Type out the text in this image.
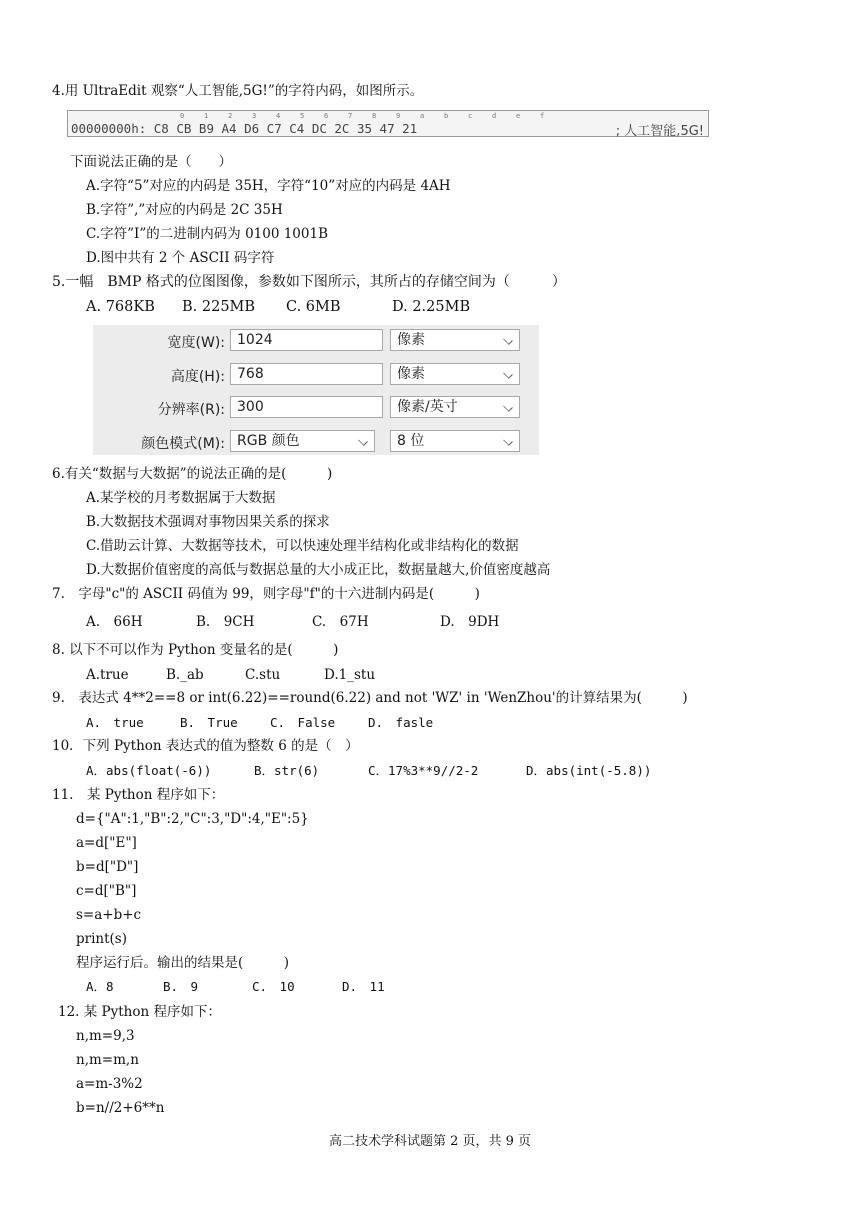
4.用 UltraEdit 观察“人工智能,5G!”的字符内码，如图所示。
0	1	2	3	4	5	6	7	8	9	a	b	c	d	e	f
00000000h: C8 CB B9 A4 D6 C7 C4 DC 2C 35 47 21	; 人工智能,5G!
下面说法正确的是（　　）
A.字符“5”对应的内码是 35H，字符“10”对应的内码是 4AH
B.字符”,”对应的内码是 2C 35H
C.字符”I”的二进制内码为 0100 1001B
D.图中共有 2 个 ASCII 码字符
5.一幅　BMP 格式的位图图像，参数如下图所示，其所占的存储空间为（　　　）
A. 768KB B. 225MB C. 6MB	D. 2.25MB
宽度(W): 1024	像素
高度(H): 768	像素
分辨率(R): 300	像素/英寸
颜色模式(M): RGB 颜色	8 位
6.有关“数据与大数据”的说法正确的是(　　　)
A.某学校的月考数据属于大数据
B.大数据技术强调对事物因果关系的探求
C.借助云计算、大数据等技术，可以快速处理半结构化或非结构化的数据
D.大数据价值密度的高低与数据总量的大小成正比，数据量越大,价值密度越高
7.　字母"c"的 ASCII 码值为 99，则字母"f"的十六进制内码是(　　　)
A.　66H	B.　9CH	C.　67H	D.　9DH
8. 以下不可以作为 Python 变量名的是(　　　)
A.true	B._ab	C.stu	D.1_stu
9.　表达式 4**2==8 or int(6.22)==round(6.22) and not 'WZ' in 'WenZhou'的计算结果为(　　　)
A.　true	B.　True	C.　False	D.　fasle
10．下列 Python 表达式的值为整数 6 的是（　）
A．abs(float(-6))	B．str(6)	C．17%3**9//2-2	D．abs(int(-5.8))
11.　某 Python 程序如下：
d={"A":1,"B":2,"C":3,"D":4,"E":5}
a=d["E"]
b=d["D"]
c=d["B"]
s=a+b+c
print(s)
程序运行后。输出的结果是(　　　)
A．8	B.　9	C.　10	D.　11
12. 某 Python 程序如下：
n,m=9,3
n,m=m,n
a=m-3%2
b=n//2+6**n
高二技术学科试题第 2 页，共 9 页
